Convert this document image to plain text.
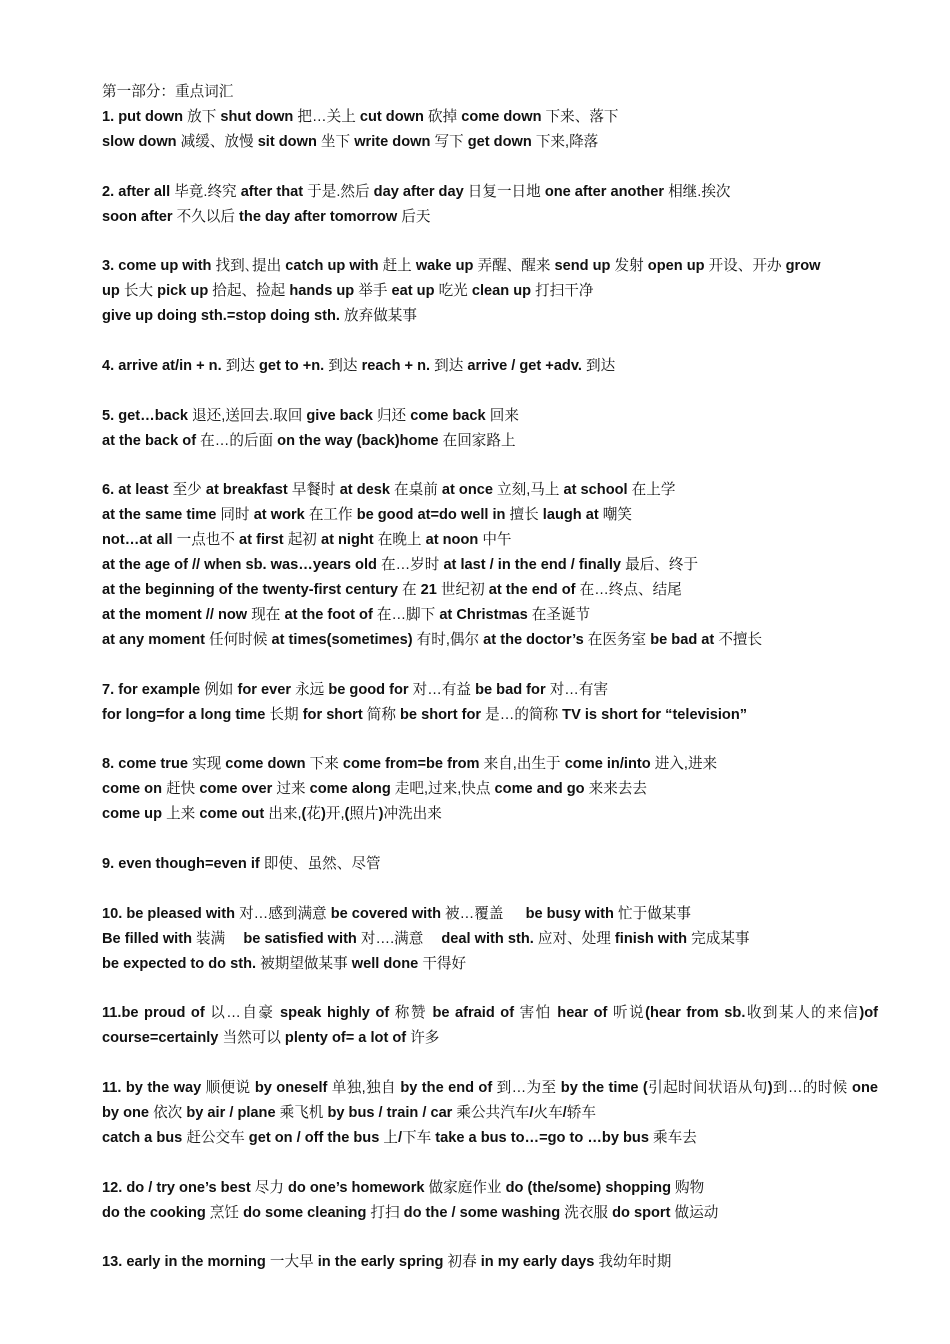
第一部分：重点词汇

1. put down 放下 shut down 把…关上 cut down 砍掉 come down 下来、落下
slow down 减缓、放慢 sit down 坐下 write down 写下 get down 下来,降落
2. after all 毕竟.终究 after that 于是.然后 day after day 日复一日地 one after another 相继.挨次
soon after 不久以后 the day after tomorrow 后天
3. come up with 找到､提出 catch up with 赶上 wake up 弄醒、醒来 send up 发射 open up 开设、开办 grow
up 长大 pick up 拾起、捡起 hands up 举手 eat up 吃光 clean up 打扫干净
give up doing sth.=stop doing sth. 放弃做某事
4. arrive at/in + n. 到达 get to +n. 到达 reach + n. 到达 arrive / get +adv. 到达
5. get…back 退还,送回去.取回 give back 归还 come back 回来
at the back of 在…的后面 on the way (back)home 在回家路上
6. at least 至少 at breakfast 早餐时 at desk 在桌前 at once 立刻,马上 at school 在上学
at the same time 同时 at work 在工作 be good at=do well in 擅长 laugh at 嘲笑
not…at all 一点也不 at first 起初 at night 在晚上 at noon 中午
at the age of // when sb. was…years old 在…岁时 at last / in the end / finally 最后、终于
at the beginning of the twenty-first century 在 21 世纪初 at the end of 在…终点、结尾
at the moment // now 现在 at the foot of 在…脚下 at Christmas 在圣诞节
at any moment 任何时候 at times(sometimes) 有时,偶尔 at the doctor’s 在医务室 be bad at 不擅长
7. for example 例如 for ever 永远 be good for 对…有益 be bad for 对…有害
for long=for a long time 长期 for short 简称 be short for 是…的简称 TV is short for “television”
8. come true 实现 come down 下来 come from=be from 来自,出生于 come in/into 进入,进来
come on 赶快 come over 过来 come along 走吧,过来,快点 come and go 来来去去
come up 上来 come out 出来,(花)开,(照片)冲洗出来
9. even though=even if 即使、虽然、尽管
10. be pleased with 对…感到满意 be covered with 被…覆盖  be busy with 忙于做某事
Be filled with 装满 be satisfied with 对….满意 deal with sth. 应对、处理 finish with 完成某事
be expected to do sth. 被期望做某事 well done 干得好
11.be proud of 以…自豪 speak highly of 称赞 be afraid of 害怕 hear of 听说(hear from sb.收到某人的来信)of course=certainly 当然可以 plenty of= a lot of 许多
11. by the way 顺便说 by oneself 单独,独自 by the end of 到…为至 by the time (引起时间状语从句)到…的时候 one by one 依次 by air / plane 乘飞机 by bus / train / car 乘公共汽车/火车/轿车
catch a bus 赶公交车 get on / off the bus 上/下车 take a bus to…=go to …by bus 乘车去
12. do / try one’s best 尽力 do one’s homework 做家庭作业 do (the/some) shopping 购物
do the cooking 烹饪 do some cleaning 打扫 do the / some washing 洗衣服 do sport 做运动
13. early in the morning 一大早 in the early spring 初春 in my early days 我幼年时期
